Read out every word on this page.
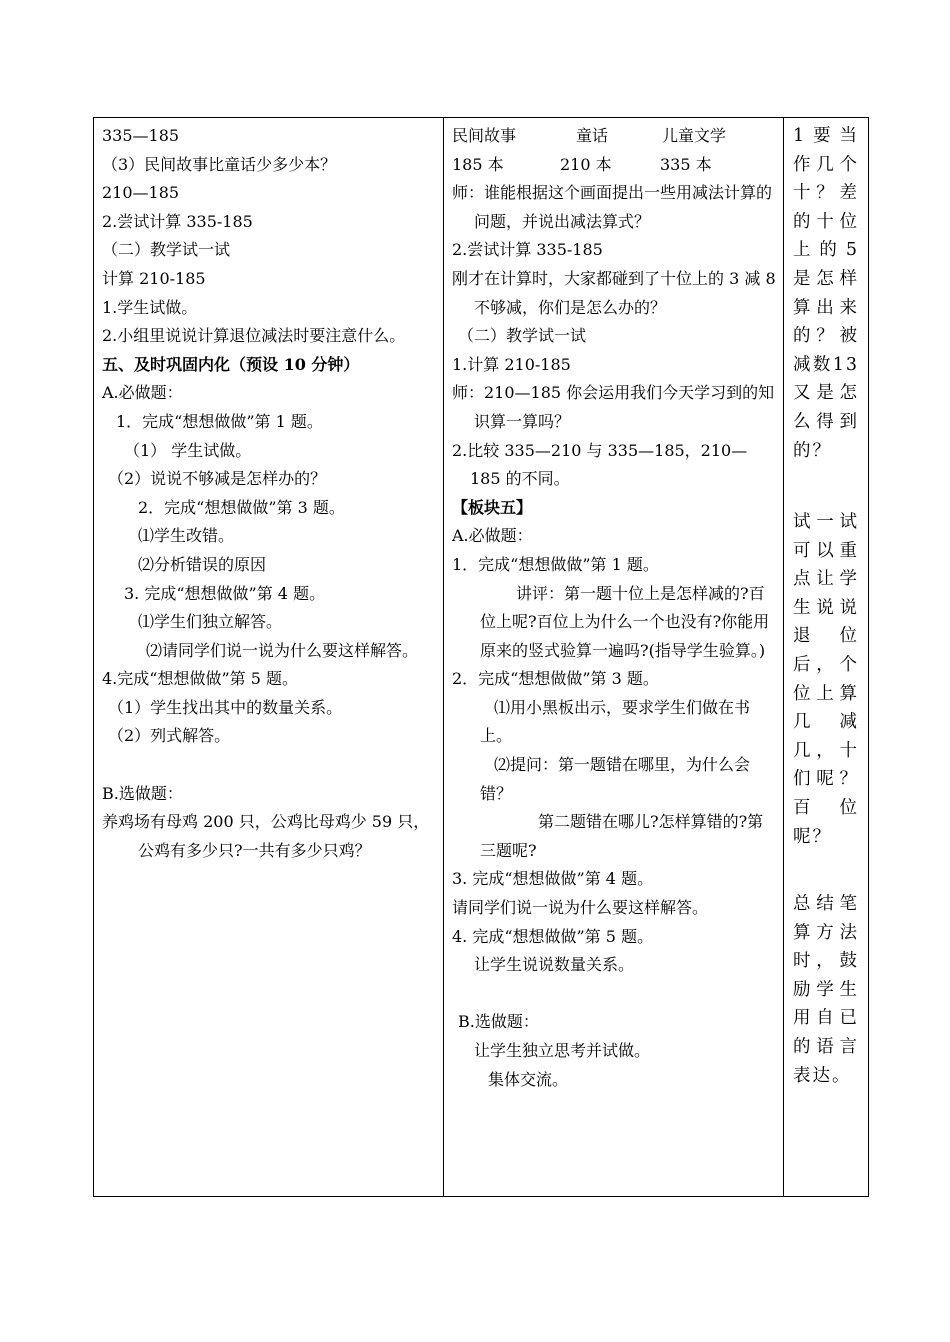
335—185
（3）民间故事比童话少多少本？
210—185
2.尝试计算 335-185
（二）教学试一试
计算 210-185
1.学生试做。
2.小组里说说计算退位减法时要注意什么。
五、及时巩固内化（预设 10 分钟）
A.必做题：
1．完成“想想做做”第 1 题。
（1） 学生试做。
（2）说说不够减是怎样办的？
2．完成“想想做做”第 3 题。
⑴学生改错。
⑵分析错误的原因
3. 完成“想想做做”第 4 题。
⑴学生们独立解答。
⑵请同学们说一说为什么要这样解答。
4.完成“想想做做”第 5 题。
（1）学生找出其中的数量关系。
（2）列式解答。
B.选做题：
养鸡场有母鸡 200 只，公鸡比母鸡少 59 只，公鸡有多少只?一共有多少只鸡？
民间故事	童话	儿童文学
185 本	210 本	335 本
师：谁能根据这个画面提出一些用减法计算的问题，并说出减法算式？
2.尝试计算 335-185
刚才在计算时，大家都碰到了十位上的 3 减 8 不够减，你们是怎么办的？
（二）教学试一试
1.计算 210-185
师：210—185 你会运用我们今天学习到的知识算一算吗？
2.比较 335—210 与 335—185，210—185 的不同。
【板块五】
A.必做题：
1．完成“想想做做”第 1 题。
讲评：第一题十位上是怎样减的?百位上呢?百位上为什么一个也没有?你能用原来的竖式验算一遍吗?(指导学生验算。)
2．完成“想想做做”第 3 题。
⑴用小黑板出示，要求学生们做在书上。
⑵提问：第一题错在哪里，为什么会错？
第二题错在哪儿?怎样算错的?第三题呢?
3. 完成“想想做做”第 4 题。
请同学们说一说为什么要这样解答。
4. 完成“想想做做”第 5 题。
让学生说说数量关系。
B.选做题：
让学生独立思考并试做。
集体交流。
1要当作几个十？差的十位上的5是怎样算出来的？被减数13又是怎么得到的？
试一试可以重点让学生说说退位后，个位上算几减几，十们呢？百位呢？
总结笔算方法时，鼓励学生用自已的语言表达。
